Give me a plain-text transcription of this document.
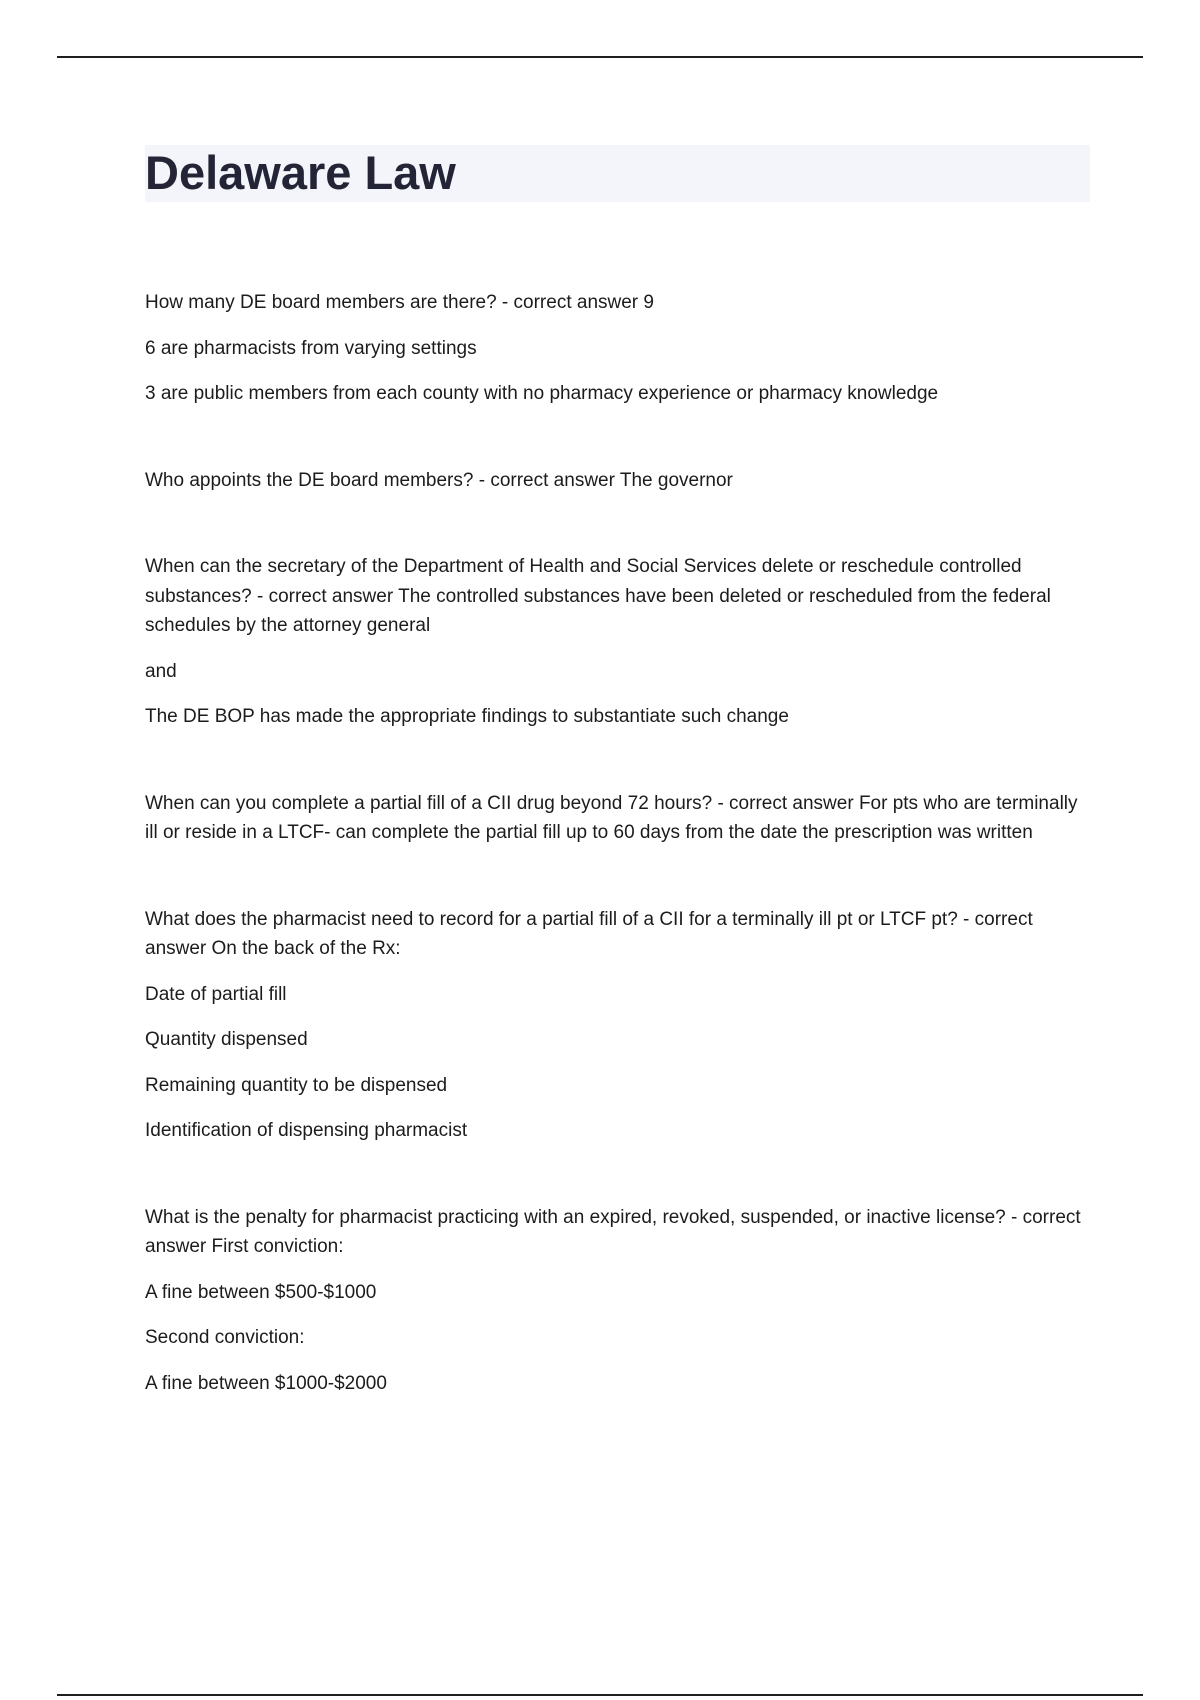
Delaware Law

How many DE board members are there? - correct answer 9

6 are pharmacists from varying settings

3 are public members from each county with no pharmacy experience or pharmacy knowledge

Who appoints the DE board members? - correct answer The governor

When can the secretary of the Department of Health and Social Services delete or reschedule controlled substances? - correct answer The controlled substances have been deleted or rescheduled from the federal schedules by the attorney general

and

The DE BOP has made the appropriate findings to substantiate such change

When can you complete a partial fill of a CII drug beyond 72 hours? - correct answer For pts who are terminally ill or reside in a LTCF- can complete the partial fill up to 60 days from the date the prescription was written

What does the pharmacist need to record for a partial fill of a CII for a terminally ill pt or LTCF pt? - correct answer On the back of the Rx:

Date of partial fill

Quantity dispensed

Remaining quantity to be dispensed

Identification of dispensing pharmacist

What is the penalty for pharmacist practicing with an expired, revoked, suspended, or inactive license? - correct answer First conviction:

A fine between $500-$1000

Second conviction:

A fine between $1000-$2000
